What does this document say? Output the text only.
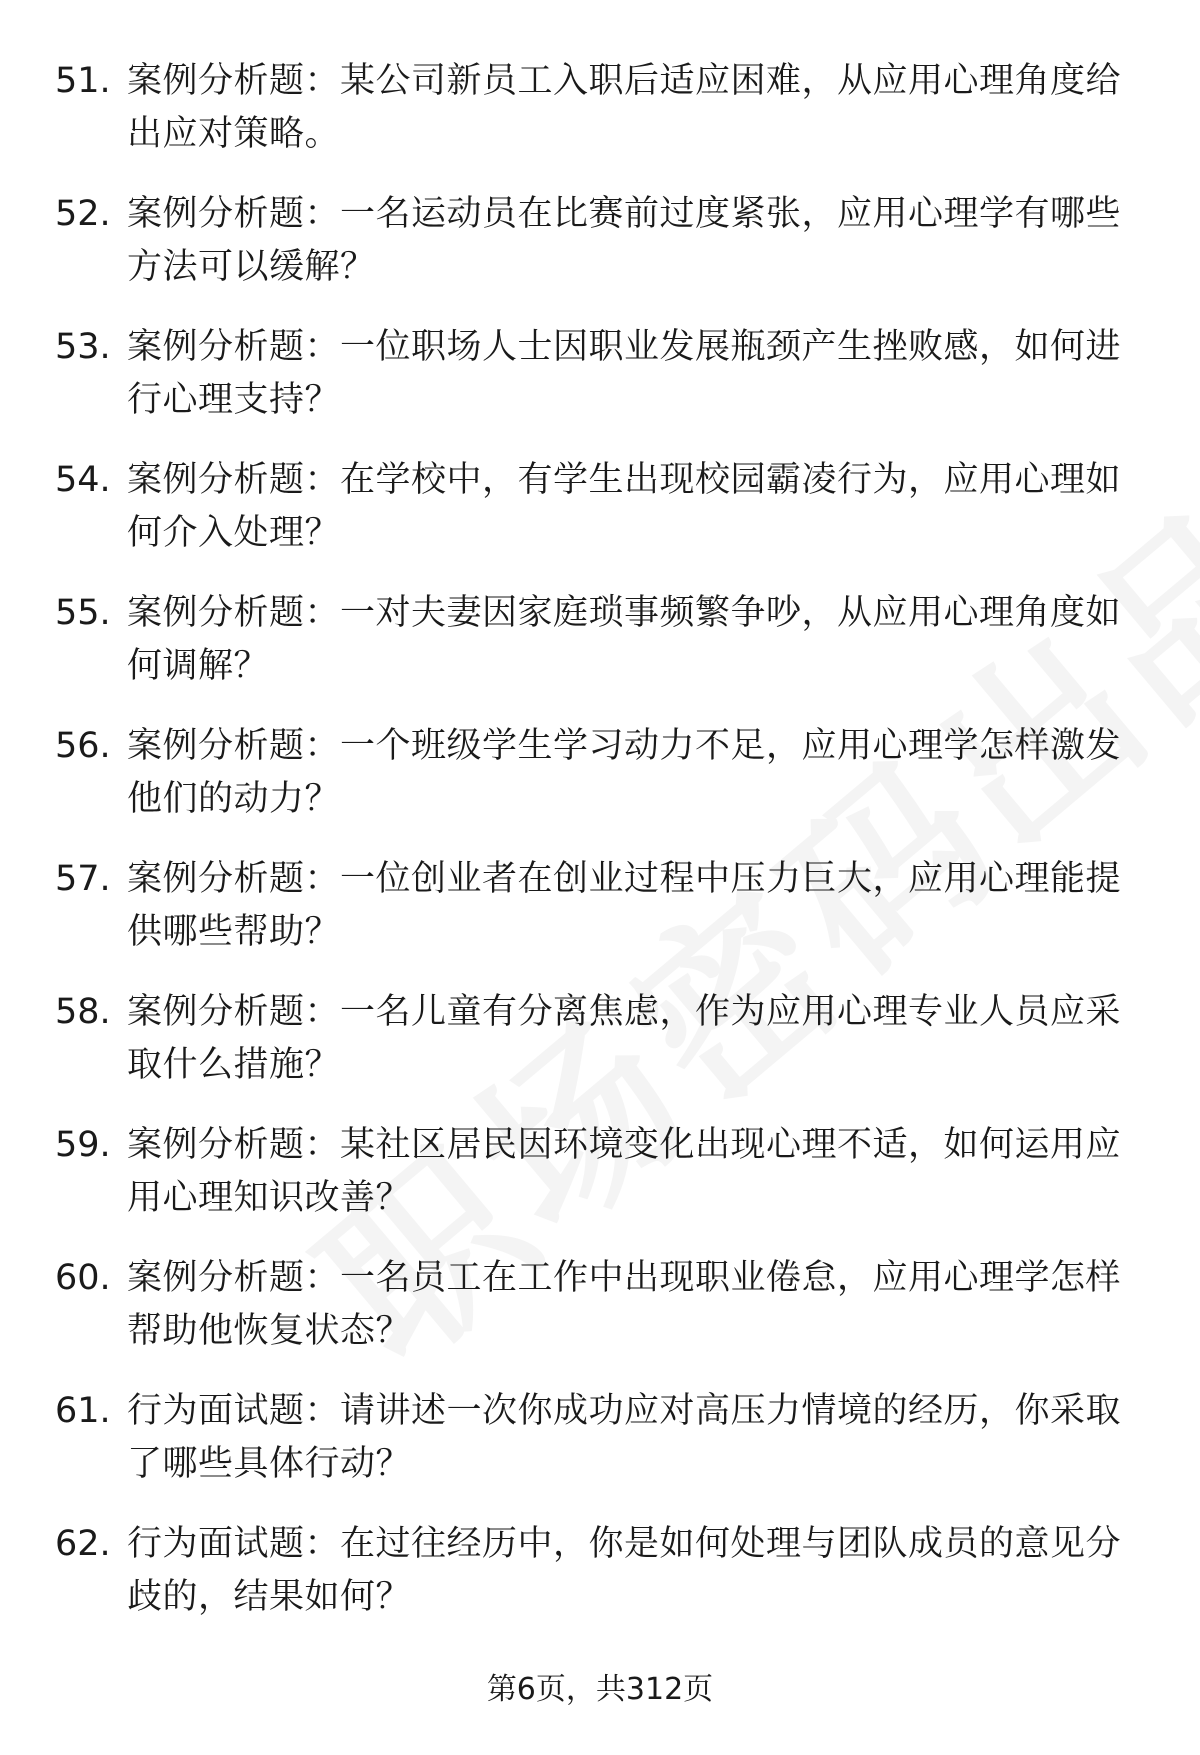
51. 案例分析题：某公司新员工入职后适应困难，从应用心理角度给出应对策略。
52. 案例分析题：一名运动员在比赛前过度紧张，应用心理学有哪些方法可以缓解？
53. 案例分析题：一位职场人士因职业发展瓶颈产生挫败感，如何进行心理支持？
54. 案例分析题：在学校中，有学生出现校园霸凌行为，应用心理如何介入处理？
55. 案例分析题：一对夫妻因家庭琐事频繁争吵，从应用心理角度如何调解？
56. 案例分析题：一个班级学生学习动力不足，应用心理学怎样激发他们的动力？
57. 案例分析题：一位创业者在创业过程中压力巨大，应用心理能提供哪些帮助？
58. 案例分析题：一名儿童有分离焦虑，作为应用心理专业人员应采取什么措施？
59. 案例分析题：某社区居民因环境变化出现心理不适，如何运用应用心理知识改善？
60. 案例分析题：一名员工在工作中出现职业倦怠，应用心理学怎样帮助他恢复状态？
61. 行为面试题：请讲述一次你成功应对高压力情境的经历，你采取了哪些具体行动？
62. 行为面试题：在过往经历中，你是如何处理与团队成员的意见分歧的，结果如何？
第6页，共312页
